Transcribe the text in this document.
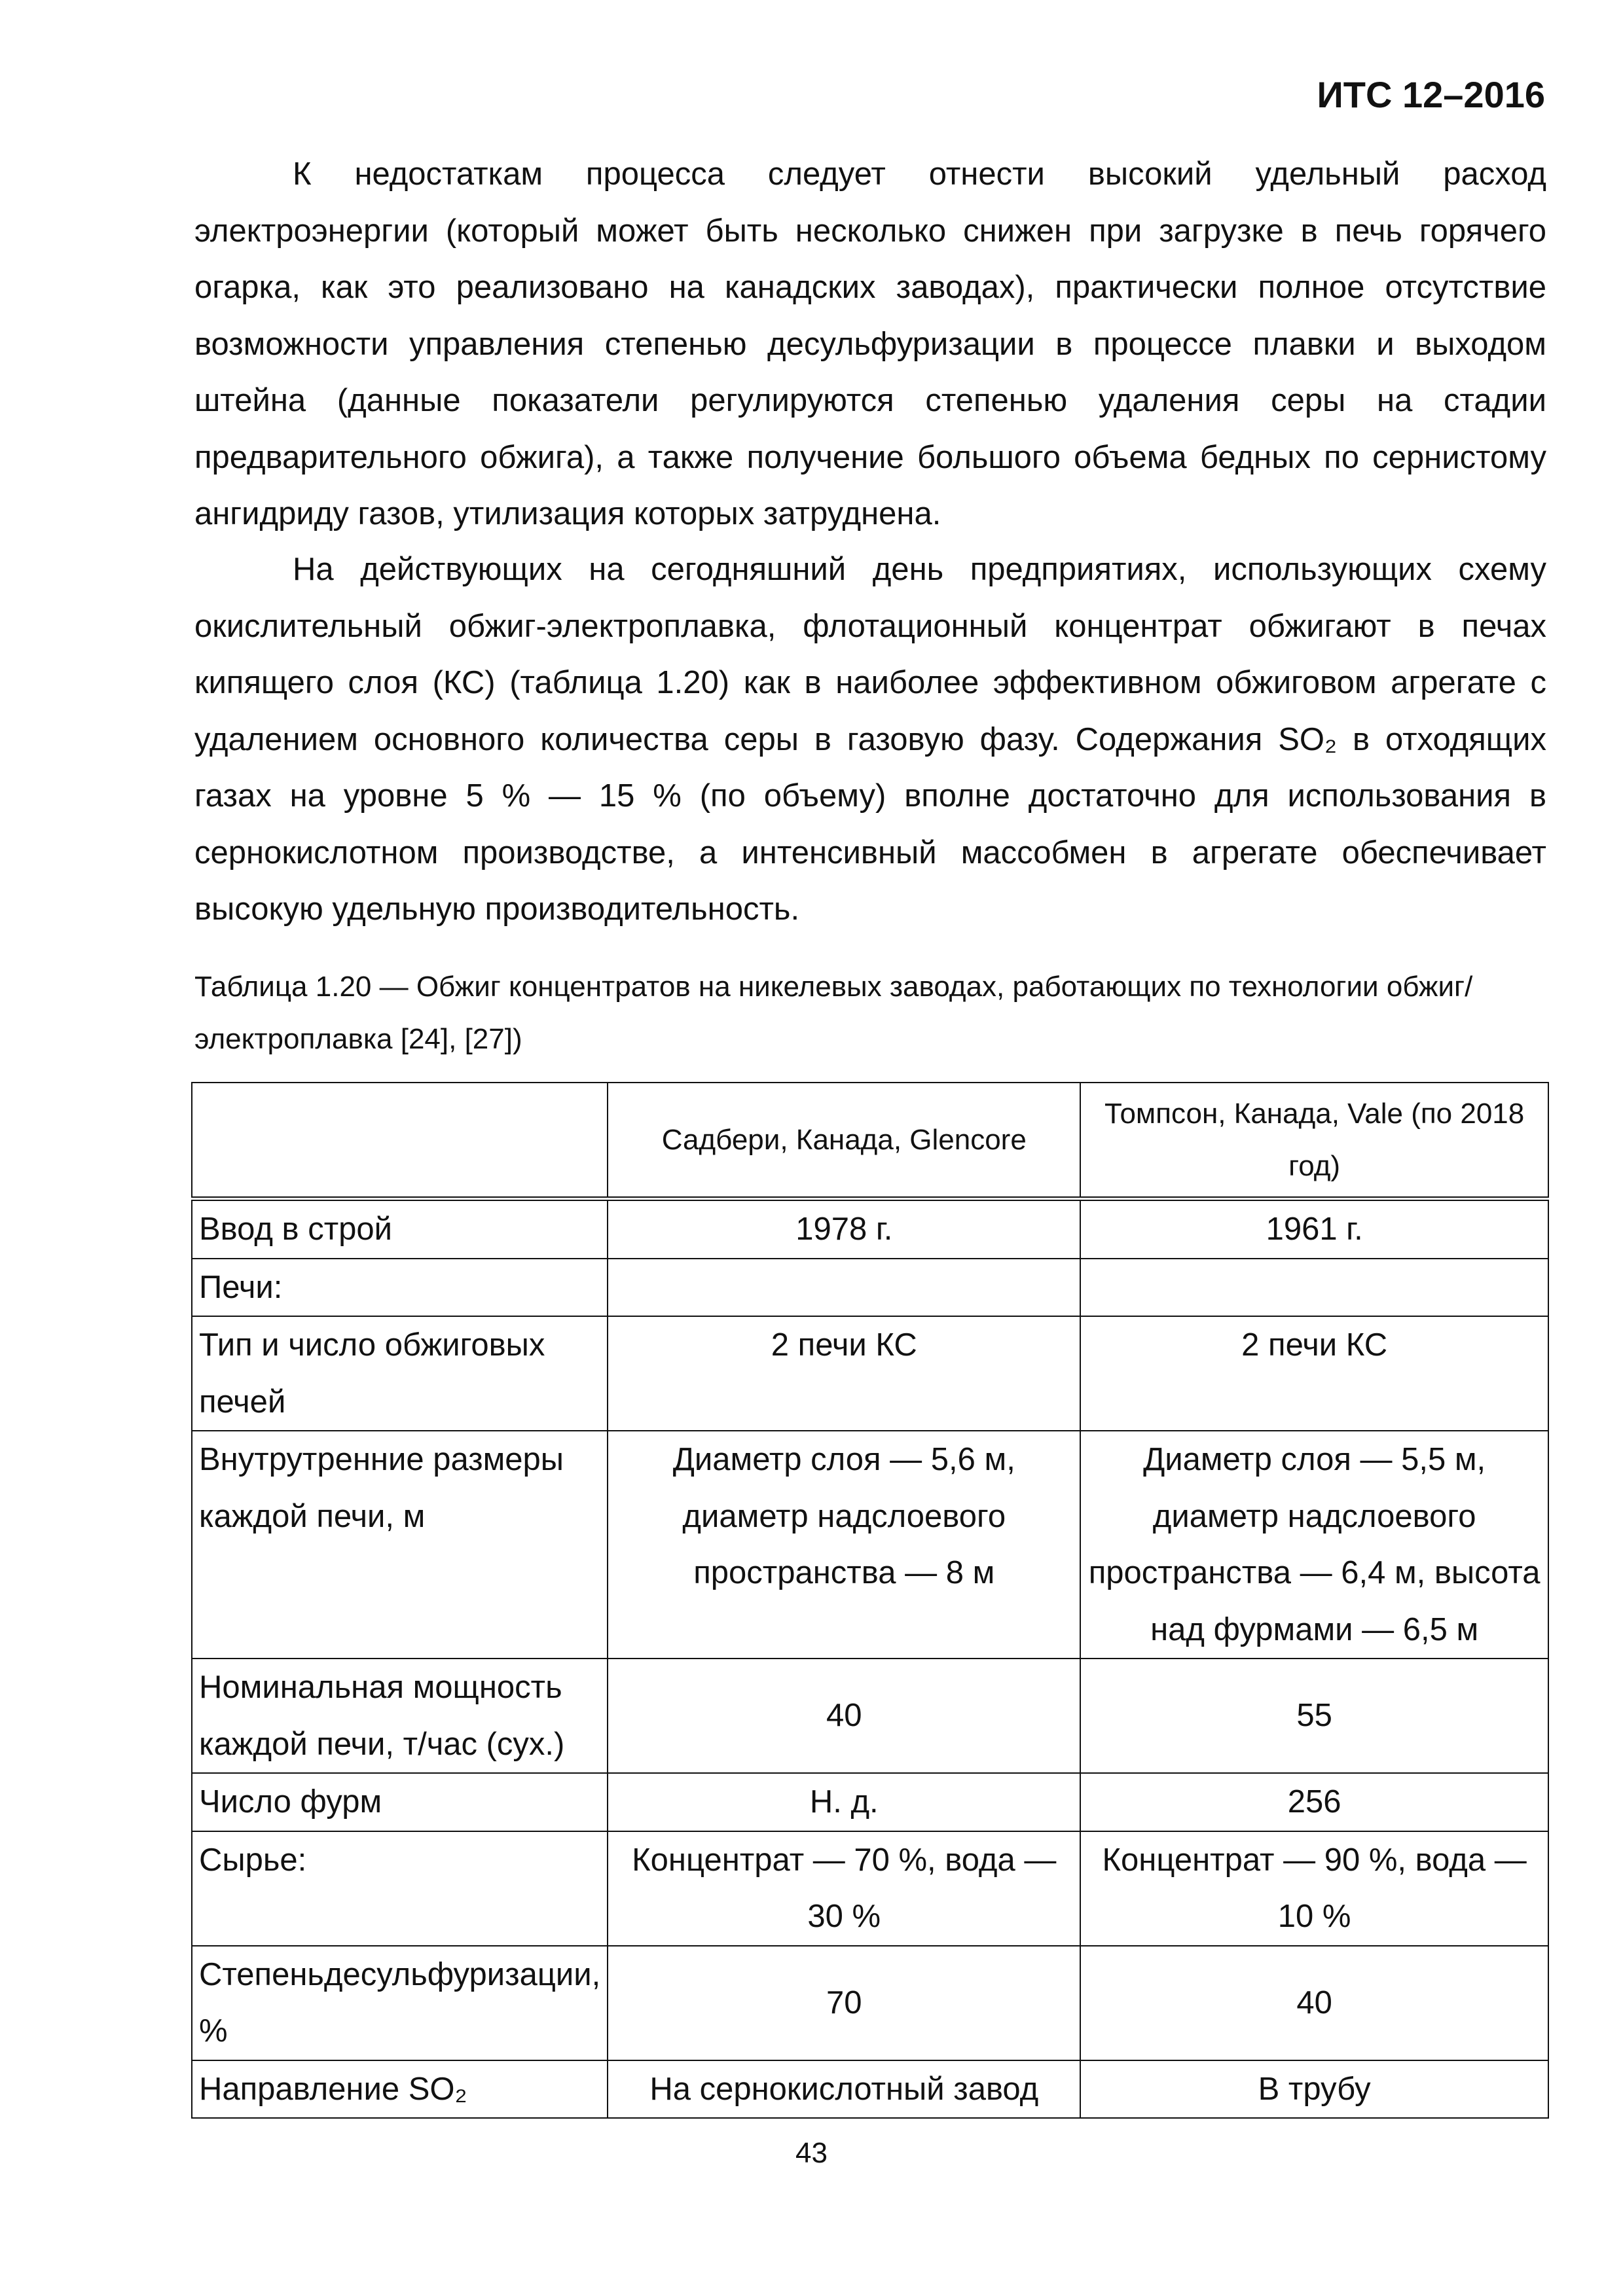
ИТС 12–2016

К недостаткам процесса следует отнести высокий удельный расход электроэнергии (который может быть несколько снижен при загрузке в печь горячего огарка, как это реализовано на канадских заводах), практически полное отсутствие возможности управления степенью десульфуризации в процессе плавки и выходом штейна (данные показатели регулируются степенью удаления серы на стадии предварительного обжига), а также получение большого объема бедных по сернистому ангидриду газов, утилизация которых затруднена.

На действующих на сегодняшний день предприятиях, использующих схему окислительный обжиг-электроплавка, флотационный концентрат обжигают в печах кипящего слоя (КС) (таблица 1.20) как в наиболее эффективном обжиговом агрегате с удалением основного количества серы в газовую фазу. Содержания SO₂ в отходящих газах на уровне 5 % — 15 % (по объему) вполне достаточно для использования в сернокислотном производстве, а интенсивный массобмен в агрегате обеспечивает высокую удельную производительность.

Таблица 1.20 — Обжиг концентратов на никелевых заводах, работающих по технологии обжиг/электроплавка [24], [27])
	Садбери, Канада, Glencore	Томпсон, Канада, Vale (по 2018 год)
Ввод в строй	1978 г.	1961 г.
Печи:		
Тип и число обжиговых печей	2 печи КС	2 печи КС
Внутрутренние размеры каждой печи, м	Диаметр слоя — 5,6 м, диаметр надслоевого пространства — 8 м	Диаметр слоя — 5,5 м, диаметр надслоевого пространства — 6,4 м, высота над фурмами — 6,5 м
Номинальная мощность каждой печи, т/час (сух.)	40	55
Число фурм	Н. д.	256
Сырье:	Концентрат — 70 %, вода — 30 %	Концентрат — 90 %, вода — 10 %
Степеньдесульфуризации, %	70	40
Направление SO₂	На сернокислотный завод	В трубу
43
